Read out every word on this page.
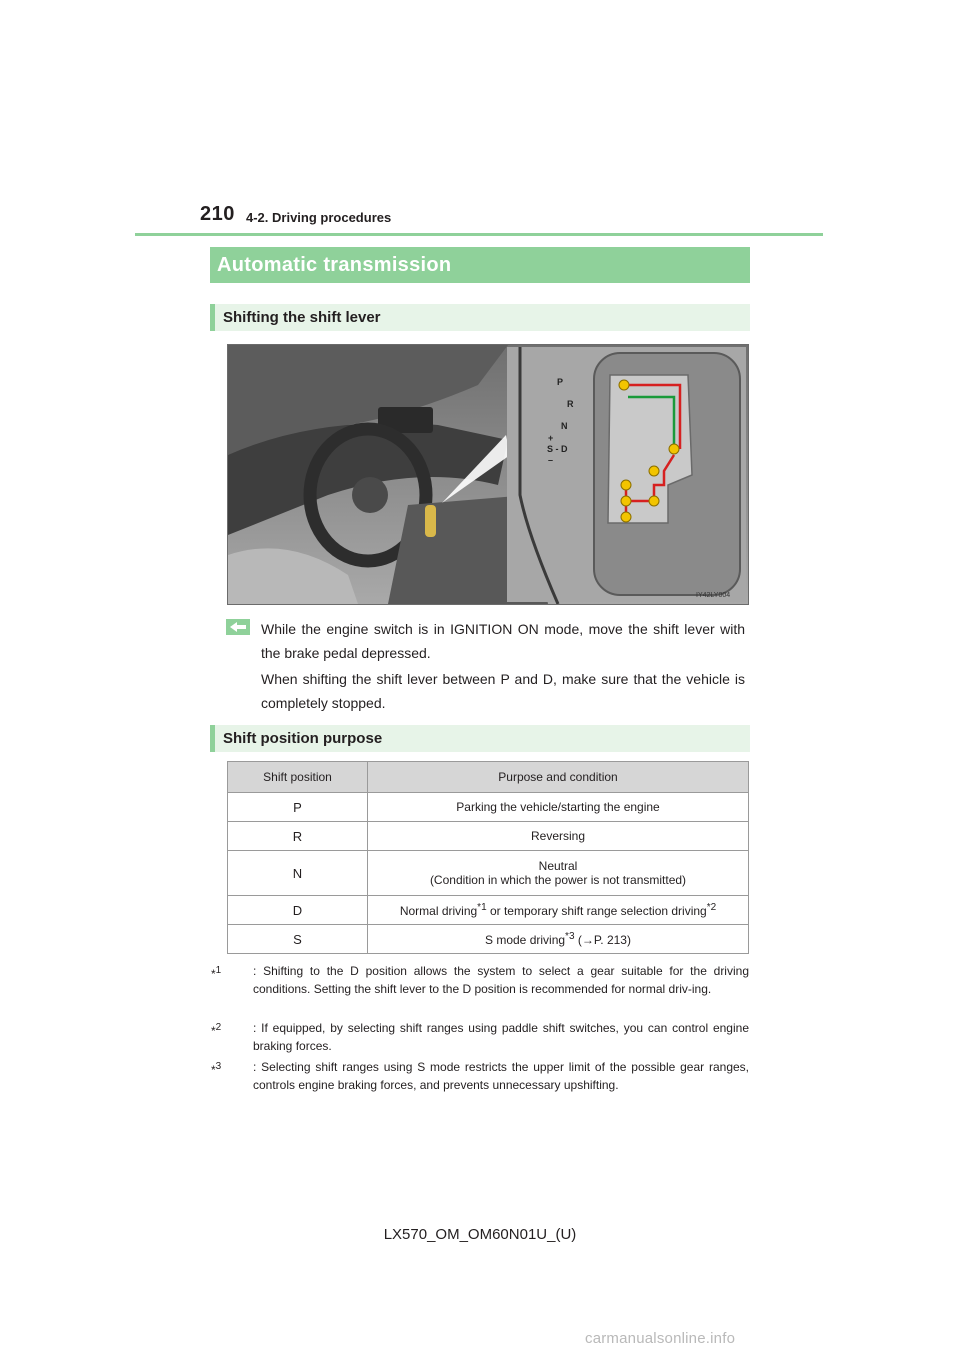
210 4-2. Driving procedures
Automatic transmission
Shifting the shift lever
P
R
N
S - D
+
–
IY42LY004
While the engine switch is in IGNITION ON mode, move the shift lever with the brake pedal depressed.
When shifting the shift lever between P and D, make sure that the vehicle is completely stopped.
Shift position purpose
Shift position	Purpose and condition
P	Parking the vehicle/starting the engine
R	Reversing
N	Neutral
(Condition in which the power is not transmitted)

D	Normal driving$^{*1}$ or temporary shift range selection driving$^{*2}$
S	S mode driving$^{*3}$ (→P. 213)
*$^1$	: Shifting to the D position allows the system to select a gear suitable for the driving conditions. Setting the shift lever to the D position is recommended for normal driv-ing.
*$^2$	: If equipped, by selecting shift ranges using paddle shift switches, you can control engine braking forces.
*$^3$	: Selecting shift ranges using S mode restricts the upper limit of the possible gear ranges, controls engine braking forces, and prevents unnecessary upshifting.
LX570_OM_OM60N01U_(U)
carmanualsonline.info
